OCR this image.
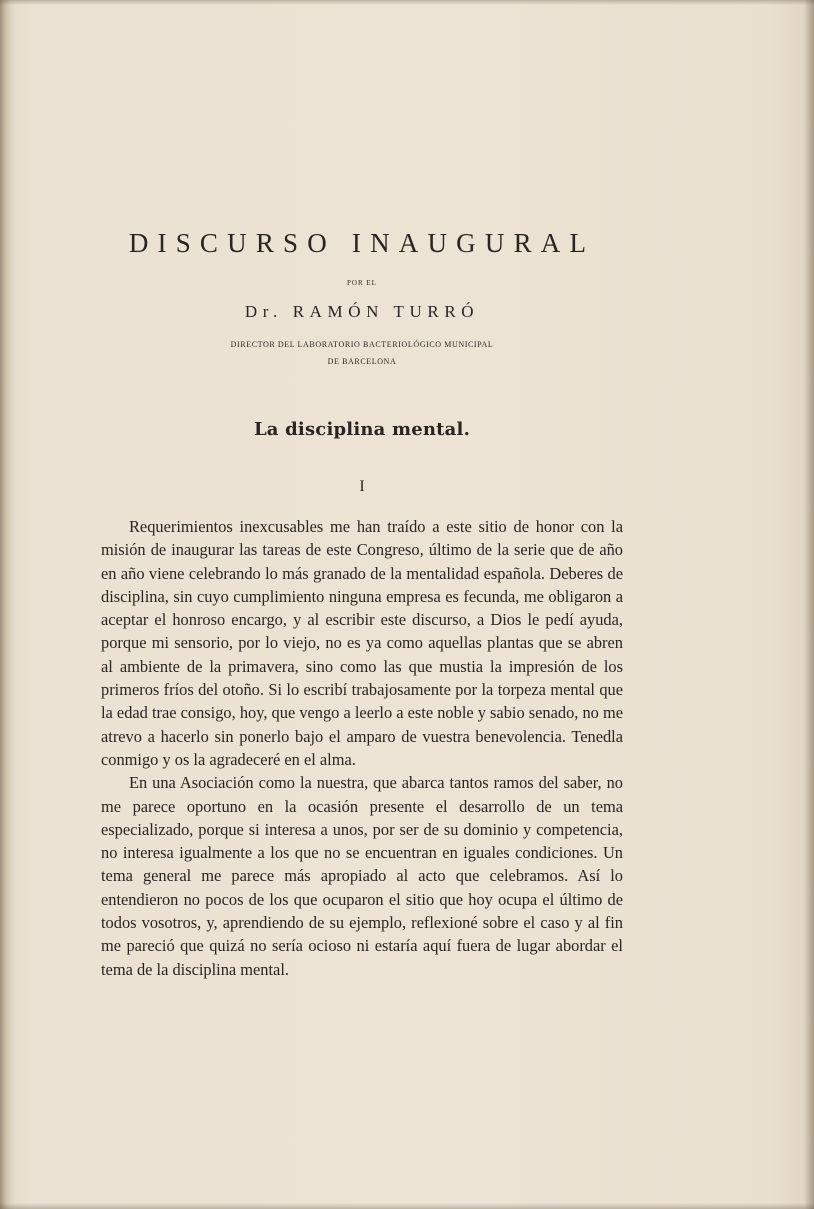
DISCURSO INAUGURAL
POR EL
Dr. RAMÓN TURRÓ
DIRECTOR DEL LABORATORIO BACTERIOLÓGICO MUNICIPAL
DE BARCELONA
La disciplina mental.
I

Requerimientos inexcusables me han traído a este sitio de honor con la misión de inaugurar las tareas de este Congreso, último de la serie que de año en año viene celebrando lo más granado de la mentalidad española. Deberes de disciplina, sin cuyo cumplimiento ninguna empresa es fecunda, me obligaron a aceptar el honroso encargo, y al escribir este discurso, a Dios le pedí ayuda, porque mi sensorio, por lo viejo, no es ya como aquellas plantas que se abren al ambiente de la primavera, sino como las que mustia la impresión de los primeros fríos del otoño. Si lo escribí trabajosamente por la torpeza mental que la edad trae consigo, hoy, que vengo a leerlo a este noble y sabio senado, no me atrevo a hacerlo sin ponerlo bajo el amparo de vuestra benevolencia. Tenedla conmigo y os la agradeceré en el alma.

En una Asociación como la nuestra, que abarca tantos ramos del saber, no me parece oportuno en la ocasión presente el desarrollo de un tema especializado, porque si interesa a unos, por ser de su dominio y competencia, no interesa igualmente a los que no se encuentran en iguales condiciones. Un tema general me parece más apropiado al acto que celebramos. Así lo entendieron no pocos de los que ocuparon el sitio que hoy ocupa el último de todos vosotros, y, aprendiendo de su ejemplo, reflexioné sobre el caso y al fin me pareció que quizá no sería ocioso ni estaría aquí fuera de lugar abordar el tema de la disciplina mental.
